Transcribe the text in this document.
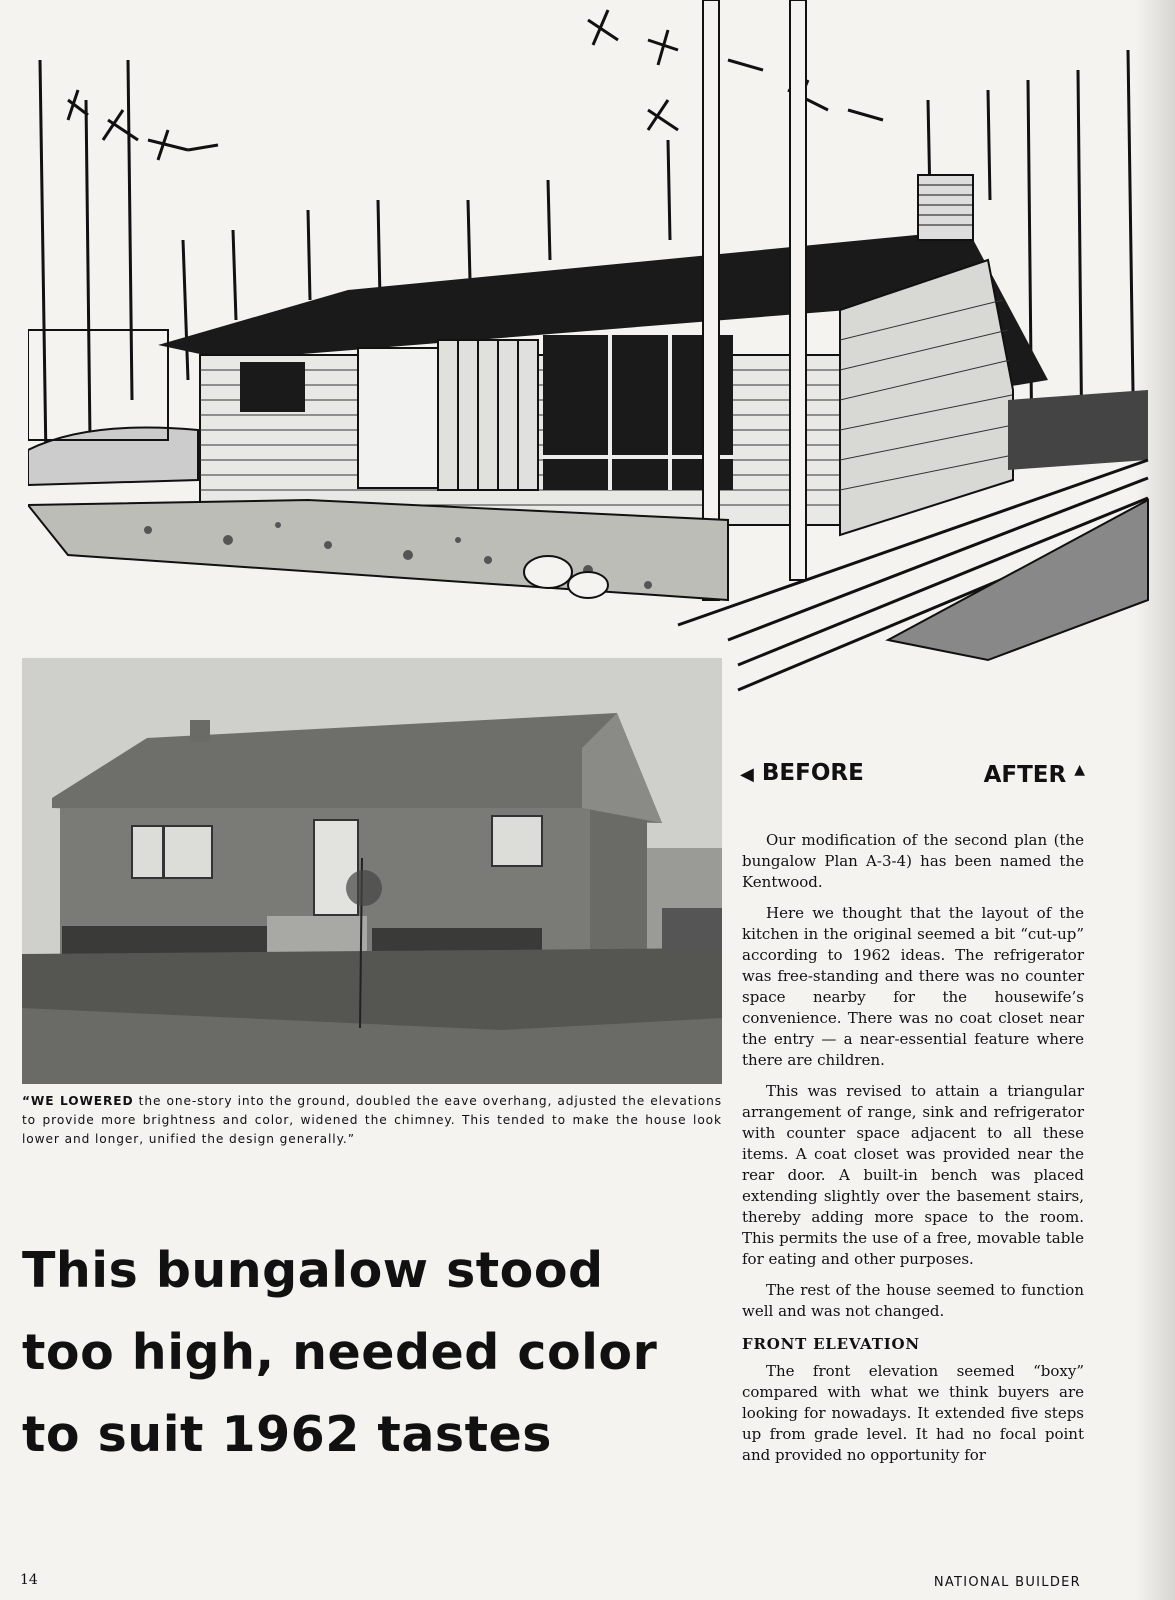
“WE LOWERED the one-story into the ground, doubled the eave overhang, adjusted the elevations to provide more brightness and color, widened the chimney. This tended to make the house look lower and longer, unified the design generally.”
◀ BEFORE	AFTER ▲

Our modification of the second plan (the bungalow Plan A-3-4) has been named the Kentwood.

Here we thought that the layout of the kitchen in the original seemed a bit “cut-up” according to 1962 ideas. The refrigerator was free-standing and there was no counter space nearby for the housewife’s convenience. There was no coat closet near the entry — a near-essential feature where there are children.

This was revised to attain a triangular arrangement of range, sink and refrigerator with counter space adjacent to all these items. A coat closet was provided near the rear door. A built-in bench was placed extending slightly over the basement stairs, thereby adding more space to the room. This permits the use of a free, movable table for eating and other purposes.

The rest of the house seemed to function well and was not changed.

FRONT ELEVATION

The front elevation seemed “boxy” compared with what we think buyers are looking for nowadays. It extended five steps up from grade level. It had no focal point and provided no opportunity for

This bungalow stood
too high, needed color
to suit 1962 tastes
14	NATIONAL BUILDER
